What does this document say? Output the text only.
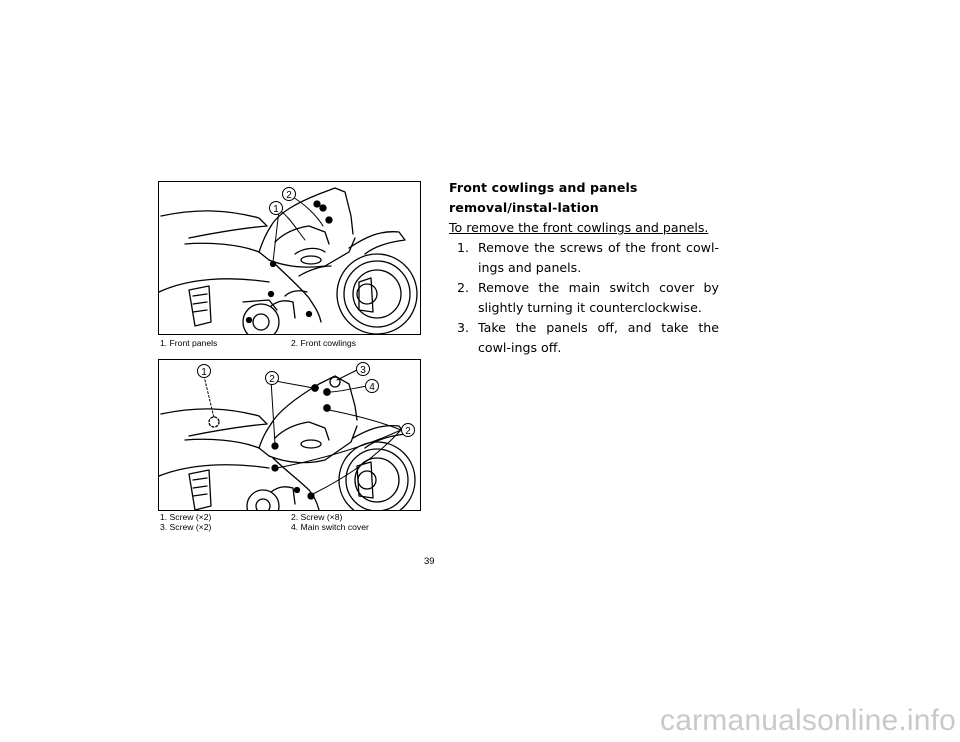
1
2
1. Front panels	2. Front cowlings
1
2
3
4
2
1. Screw (×2)	2. Screw (×8)
3. Screw (×2)	4. Main switch cover
Front cowlings and panels removal/instal-lation
To remove the front cowlings and panels.
1. Remove the screws of the front cowl-ings and panels.
2. Remove the main switch cover by slightly turning it counterclockwise.
3. Take the panels off, and take the cowl-ings off.
39
carmanualsonline.info
